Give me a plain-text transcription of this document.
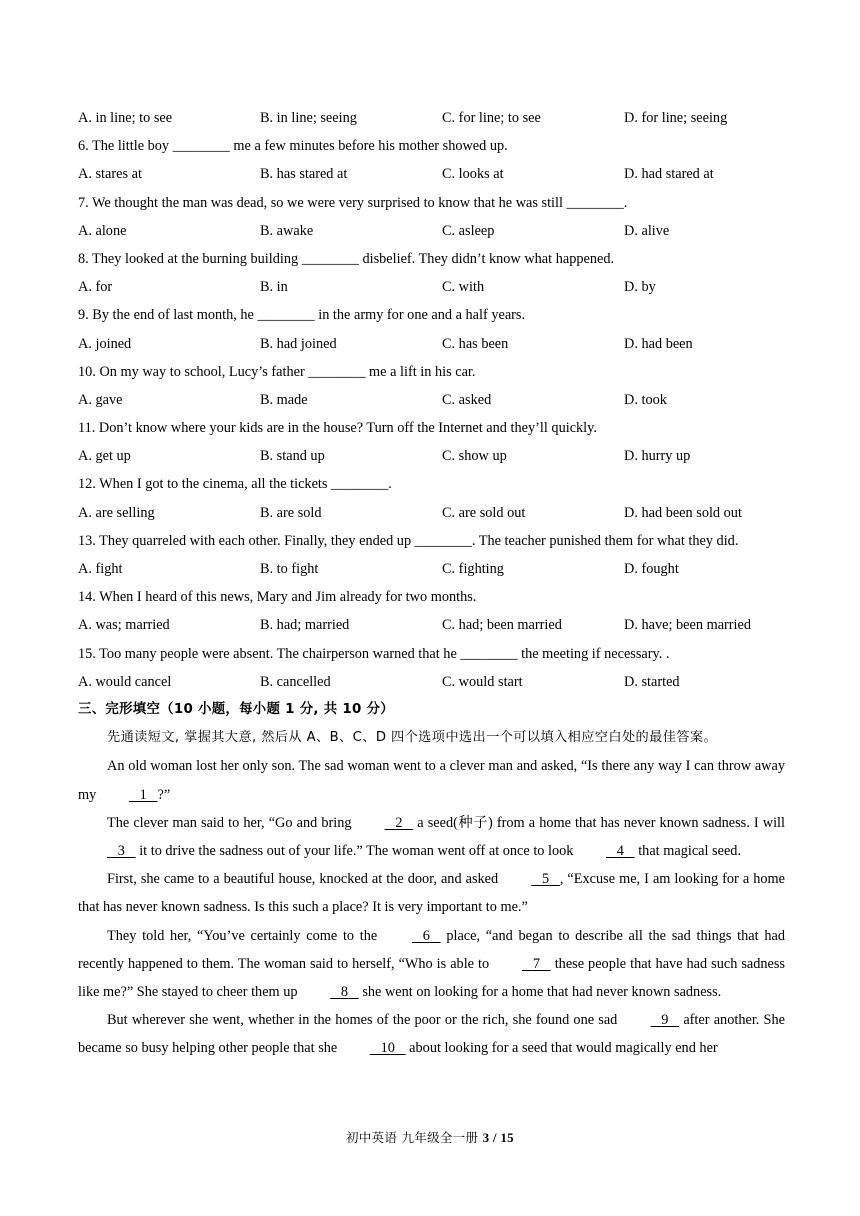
A. in line; to see	B. in line; seeing	C. for line; to see	D. for line; seeing
6. The little boy ________ me a few minutes before his mother showed up.
A. stares at	B. has stared at	C. looks at	D. had stared at
7. We thought the man was dead, so we were very surprised to know that he was still ________.
A. alone	B. awake	C. asleep	D. alive
8. They looked at the burning building ________ disbelief. They didn’t know what happened.
A. for	B. in	C. with	D. by
9. By the end of last month, he ________ in the army for one and a half years.
A. joined	B. had joined	C. has been	D. had been
10. On my way to school, Lucy’s father ________ me a lift in his car.
A. gave	B. made	C. asked	D. took
11. Don’t know where your kids are in the house? Turn off the Internet and they’ll quickly.
A. get up	B. stand up	C. show up	D. hurry up
12. When I got to the cinema, all the tickets ________.
A. are selling	B. are sold	C. are sold out	D. had been sold out
13. They quarreled with each other. Finally, they ended up ________. The teacher punished them for what they did.
A. fight	B. to fight	C. fighting	D. fought
14. When I heard of this news, Mary and Jim already for two months.
A. was; married	B. had; married	C. had; been married	D. have; been married
15. Too many people were absent. The chairperson warned that he ________ the meeting if necessary. .
A. would cancel	B. cancelled	C. would start	D. started
三、完形填空（10 小题，每小题 1 分, 共 10 分）
先通读短文, 掌握其大意, 然后从 A、B、C、D 四个选项中选出一个可以填入相应空白处的最佳答案。

An old woman lost her only son. The sad woman went to a clever man and asked, “Is there any way I can throw away my	1 ?”

The clever man said to her, “Go and bring	2 a seed(种子) from a home that has never known sadness. I will 3 it to drive the sadness out of your life.” The woman went off at once to look	4 that magical seed.

First, she came to a beautiful house, knocked at the door, and asked	5 , “Excuse me, I am looking for a home that has never known sadness. Is this such a place? It is very important to me.”

They told her, “You’ve certainly come to the	6 place, “and began to describe all the sad things that had recently happened to them. The woman said to herself, “Who is able to	7 these people that have had such sadness like me?” She stayed to cheer them up	8 she went on looking for a home that had never known sadness.

But wherever she went, whether in the homes of the poor or the rich, she found one sad	9 after another. She became so busy helping other people that she	10 about looking for a seed that would magically end her

初中英语 九年级全一册 3 / 15
